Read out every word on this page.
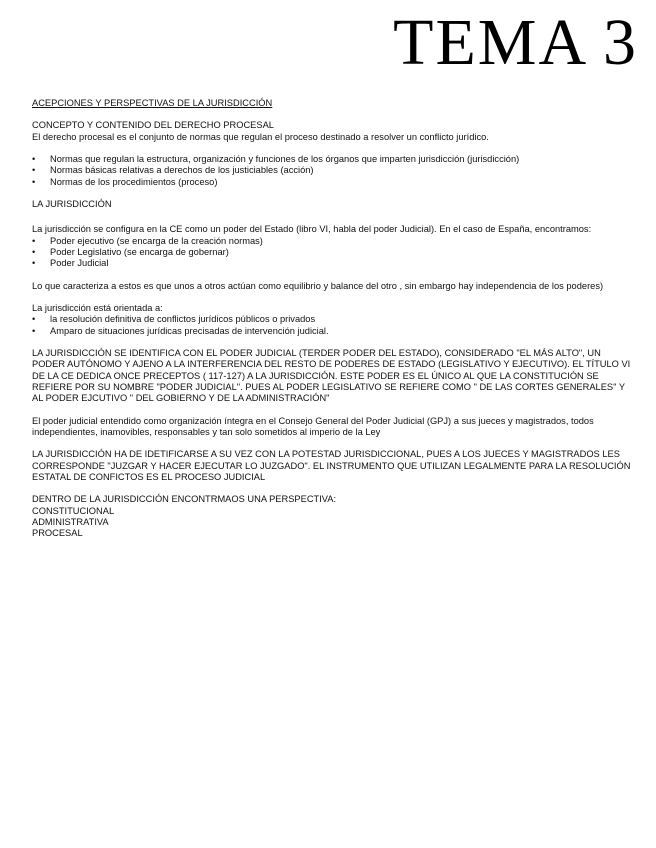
TEMA 3
ACEPCIONES Y PERSPECTIVAS DE LA JURISDICCIÓN
CONCEPTO Y CONTENIDO DEL DERECHO PROCESAL
El derecho procesal es el conjunto de normas que regulan el proceso destinado a resolver un conflicto jurídico.
• Normas que regulan la estructura, organización y funciones de los órganos que imparten jurisdicción (jurisdicción)
• Normas básicas relativas a derechos de los justiciables (acción)
• Normas de los procedimientos (proceso)
LA JURISDICCIÓN
La jurisdicción se configura en la CE como un poder del Estado (libro VI, habla del poder Judicial). En el caso de España, encontramos:
• Poder ejecutivo (se encarga de la creación normas)
• Poder Legislativo (se encarga de gobernar)
• Poder Judicial
Lo que caracteriza a estos es que unos a otros actúan como equilibrio y balance del otro , sin embargo hay independencia de los poderes)
La jurisdicción está orientada a:
• la resolución definitiva de conflictos jurídicos públicos o privados
• Amparo de situaciones jurídicas precisadas de intervención judicial.
LA JURISDICCIÓN SE IDENTIFICA CON EL PODER JUDICIAL (TERDER PODER DEL ESTADO), CONSIDERADO "EL MÁS ALTO", UN PODER AUTÓNOMO Y AJENO A LA INTERFERENCIA DEL RESTO DE PODERES DE ESTADO (LEGISLATIVO Y EJECUTIVO). EL TÍTULO VI DE LA CE DEDICA ONCE PRECEPTOS ( 117-127) A LA JURISDICCIÓN. ESTE PODER ES EL ÚNICO AL QUE LA CONSTITUCIÓN SE REFIERE POR SU NOMBRE "PODER JUDICIAL". PUES AL PODER LEGISLATIVO SE REFIERE COMO " DE LAS CORTES GENERALES" Y AL PODER EJCUTIVO " DEL GOBIERNO Y DE LA ADMINISTRACIÓN"
El poder judicial entendido como organización íntegra en el Consejo General del Poder Judicial (GPJ) a sus jueces y magistrados, todos independientes, inamovibles, responsables y tan solo sometidos al imperio de la Ley
LA JURISDICCIÓN HA DE IDETIFICARSE A SU VEZ CON LA POTESTAD JURISDICCIONAL, PUES A LOS JUECES Y MAGISTRADOS LES CORRESPONDE "JUZGAR Y HACER EJECUTAR LO JUZGADO". EL INSTRUMENTO QUE UTILIZAN LEGALMENTE PARA LA RESOLUCIÓN ESTATAL DE CONFICTOS ES EL PROCESO JUDICIAL
DENTRO DE LA JURISDICCIÓN ENCONTRMAOS UNA PERSPECTIVA:
CONSTITUCIONAL
ADMINISTRATIVA
PROCESAL
